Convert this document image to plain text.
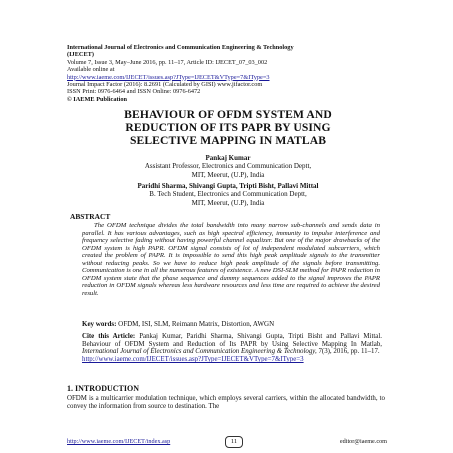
International Journal of Electronics and Communication Engineering & Technology
(IJECET)
Volume 7, Issue 3, May–June 2016, pp. 11–17, Article ID: IJECET_07_03_002
Available online at
http://www.iaeme.com/IJECET/issues.asp?JType=IJECET&VType=7&IType=3
Journal Impact Factor (2016): 8.2691 (Calculated by GISI) www.jifactor.com
ISSN Print: 0976-6464 and ISSN Online: 0976-6472
© IAEME Publication
BEHAVIOUR OF OFDM SYSTEM AND
REDUCTION OF ITS PAPR BY USING
SELECTIVE MAPPING IN MATLAB
Pankaj Kumar
Assistant Professor, Electronics and Communication Deptt,
MIT, Meerut, (U.P), India
Paridhi Sharma, Shivangi Gupta, Tripti Bisht, Pallavi Mittal
B. Tech Student, Electronics and Communication Deptt,
MIT, Meerut, (U.P), India
ABSTRACT
The OFDM technique divides the total bandwidth into many narrow sub-channels and sends data in parallel. It has various advantages, such as high spectral efficiency, immunity to impulse interference and frequency selective fading without having powerful channel equalizer. But one of the major drawbacks of the OFDM system is high PAPR. OFDM signal consists of lot of independent modulated subcarriers, which created the problem of PAPR. It is impossible to send this high peak amplitude signals to the transmitter without reducing peaks. So we have to reduce high peak amplitude of the signals before transmitting. Communication is one in all the numerous features of existence. A new DSI-SLM method for PAPR reduction in OFDM system state that the phase sequence and dummy sequences added to the signal improves the PAPR reduction in OFDM signals whereas less hardware resources and less time are required to achieve the desired result.
Key words: OFDM, ISI, SLM, Reimann Matrix, Distortion, AWGN
Cite this Article: Pankaj Kumar, Paridhi Sharma, Shivangi Gupta, Tripti Bisht and Pallavi Mittal. Behaviour of OFDM System and Reduction of Its PAPR by Using Selective Mapping In Matlab, International Journal of Electronics and Communication Engineering & Technology, 7(3), 2016, pp. 11–17.
http://www.iaeme.com/IJECET/issues.asp?JType=IJECET&VType=7&IType=3
1. INTRODUCTION
OFDM is a multicarrier modulation technique, which employs several carriers, within the allocated bandwidth, to convey the information from source to destination. The
http://www.iaeme.com/IJECET/index.asp	11	editor@iaeme.com
